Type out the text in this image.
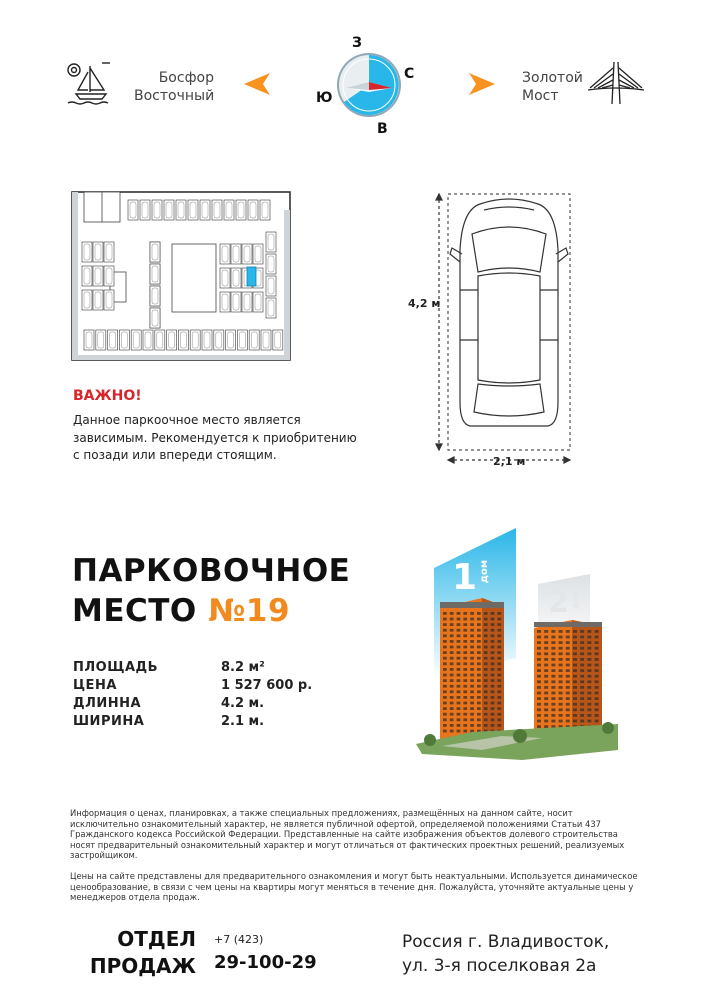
Босфор
Восточный
З
С
В
Ю
Золотой
Мост
ВАЖНО!
Данное паркоочное место является
зависимым. Рекомендуется к приобритению
с позади или впереди стоящим.
4,2 м
2,1 м
ПАРКОВОЧНОЕ
МЕСТО №19
ПЛОЩАДЬ	8.2 м²
ЦЕНА	1 527 600 р.
ДЛИННА	4.2 м.
ШИРИНА	2.1 м.
1 дом
2 дом

Информация о ценах, планировках, а также специальных предложениях, размещённых на данном сайте, носит исключительно ознакомительный характер, не является публичной офертой, определяемой положениями Статьи 437 Гражданского кодекса Российской Федерации. Представленные на сайте изображения объектов долевого строительства носят предварительный ознакомительный характер и могут отличаться от фактических проектных решений, реализуемых застройщиком.

Цены на сайте представлены для предварительного ознакомления и могут быть неактуальными. Используется динамическое ценообразование, в связи с чем цены на квартиры могут меняться в течение дня. Пожалуйста, уточняйте актуальные цены у менеджеров отдела продаж.

ОТДЕЛ
ПРОДАЖ
+7 (423)
29-100-29
Россия г. Владивосток,
ул. 3-я поселковая 2а
